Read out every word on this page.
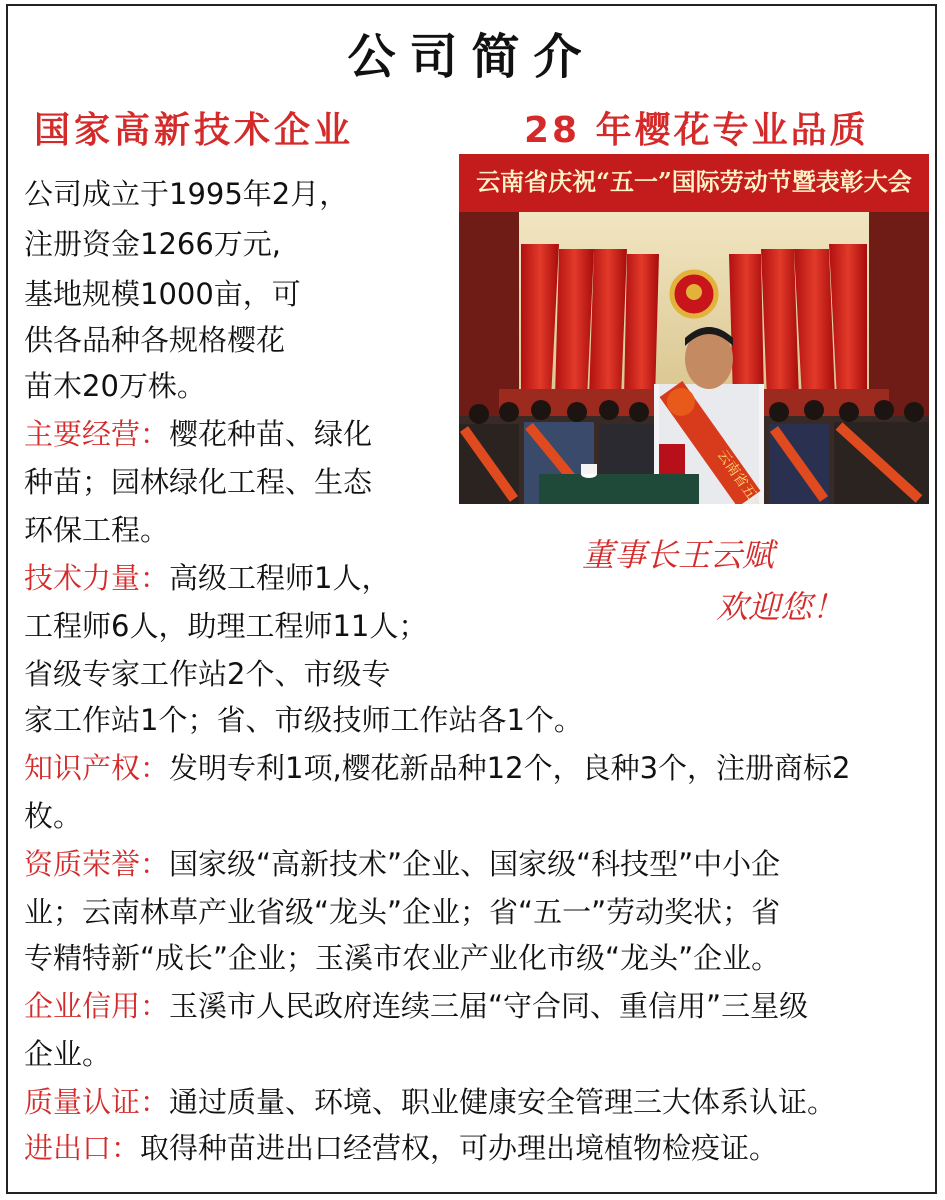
公司简介
国家高新技术企业	28 年樱花专业品质
云南省庆祝“五一”国际劳动节暨表彰大会
董事长王云赋
欢迎您！
公司成立于1995年2月，
注册资金1266万元,
基地规模1000亩，可
供各品种各规格樱花
苗木20万株。
主要经营：樱花种苗、绿化
种苗；园林绿化工程、生态
环保工程。
技术力量：高级工程师1人，
工程师6人，助理工程师11人；
省级专家工作站2个、市级专
家工作站1个；省、市级技师工作站各1个。
知识产权：发明专利1项,樱花新品种12个，良种3个，注册商标2
枚。
资质荣誉：国家级“高新技术”企业、国家级“科技型”中小企
业；云南林草产业省级“龙头”企业；省“五一”劳动奖状；省
专精特新“成长”企业；玉溪市农业产业化市级“龙头”企业。
企业信用：玉溪市人民政府连续三届“守合同、重信用”三星级
企业。
质量认证：通过质量、环境、职业健康安全管理三大体系认证。
进出口：取得种苗进出口经营权，可办理出境植物检疫证。
